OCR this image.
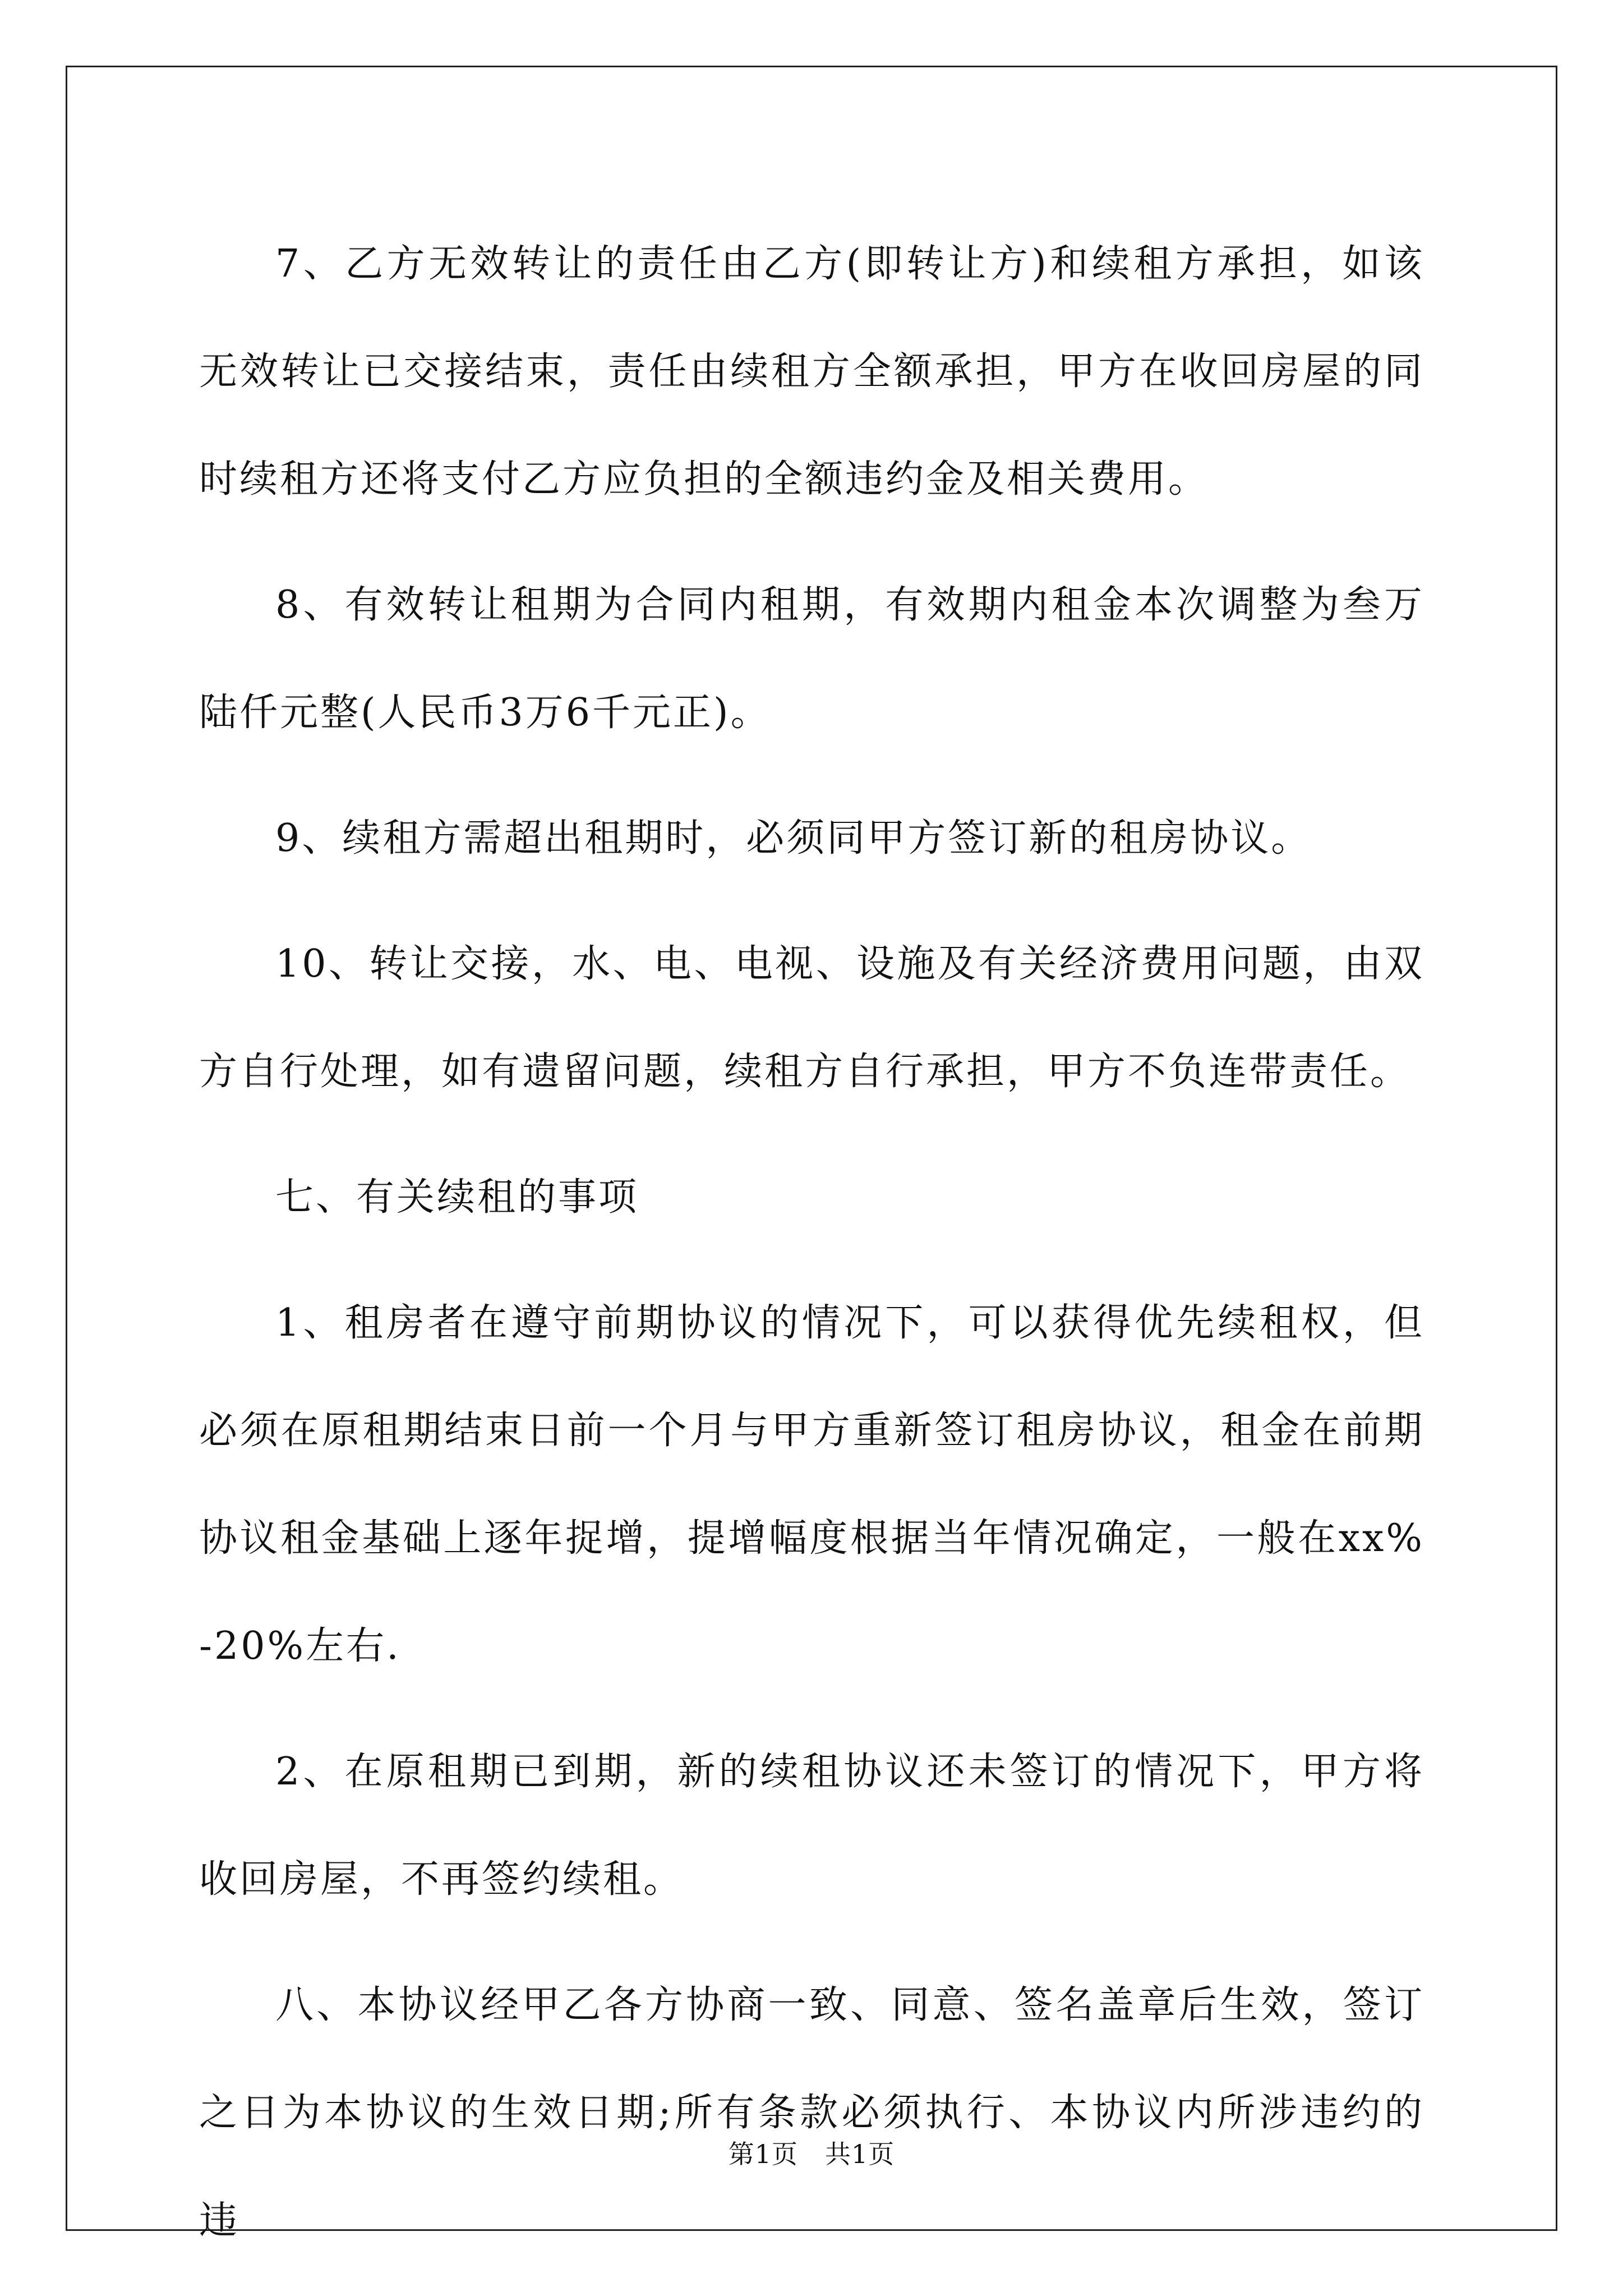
7、乙方无效转让的责任由乙方(即转让方)和续租方承担，如该无效转让已交接结束，责任由续租方全额承担，甲方在收回房屋的同时续租方还将支付乙方应负担的全额违约金及相关费用。

8、有效转让租期为合同内租期，有效期内租金本次调整为叁万陆仟元整(人民币3万6千元正)。

9、续租方需超出租期时，必须同甲方签订新的租房协议。

10、转让交接，水、电、电视、设施及有关经济费用问题，由双方自行处理，如有遗留问题，续租方自行承担，甲方不负连带责任。

七、有关续租的事项

1、租房者在遵守前期协议的情况下，可以获得优先续租权，但必须在原租期结束日前一个月与甲方重新签订租房协议，租金在前期协议租金基础上逐年捉增，提增幅度根据当年情况确定，一般在xx%-20%左右.

2、在原租期已到期，新的续租协议还未签订的情况下，甲方将收回房屋，不再签约续租。

八、本协议经甲乙各方协商一致、同意、签名盖章后生效，签订之日为本协议的生效日期;所有条款必须执行、本协议内所涉违约的违

第1页 共1页
